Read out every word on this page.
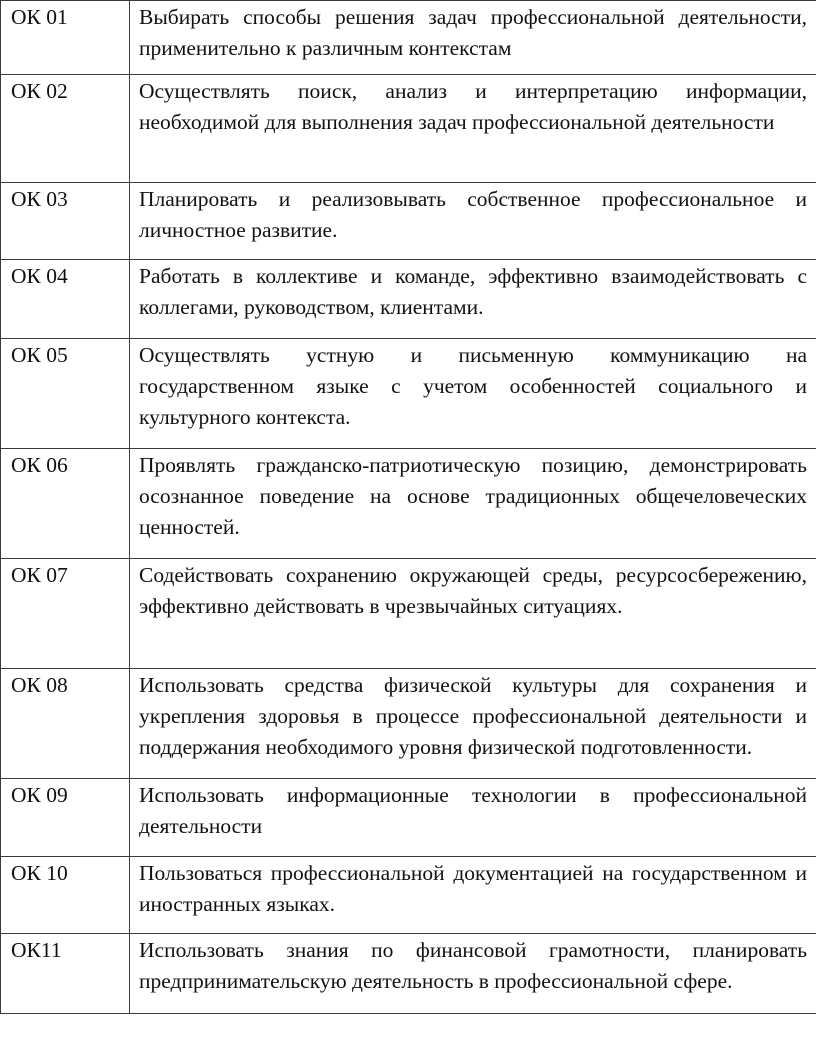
ОК 01	Выбирать способы решения задач профессиональной деятельности, применительно к различным контекстам
ОК 02	Осуществлять поиск, анализ и интерпретацию информации, необходимой для выполнения задач профессиональной деятельности
ОК 03	Планировать и реализовывать собственное профессиональное и личностное развитие.
ОК 04	Работать в коллективе и команде, эффективно взаимодействовать с коллегами, руководством, клиентами.
ОК 05	Осуществлять устную и письменную коммуникацию на государственном языке с учетом особенностей социального и культурного контекста.
ОК 06	Проявлять гражданско-патриотическую позицию, демонстрировать осознанное поведение на основе традиционных общечеловеческих ценностей.
ОК 07	Содействовать сохранению окружающей среды, ресурсосбережению, эффективно действовать в чрезвычайных ситуациях.
ОК 08	Использовать средства физической культуры для сохранения и укрепления здоровья в процессе профессиональной деятельности и поддержания необходимого уровня физической подготовленности.
ОК 09	Использовать информационные технологии в профессиональной деятельности
ОК 10	Пользоваться профессиональной документацией на государственном и иностранных языках.
ОК11	Использовать знания по финансовой грамотности, планировать предпринимательскую деятельность в профессиональной сфере.
